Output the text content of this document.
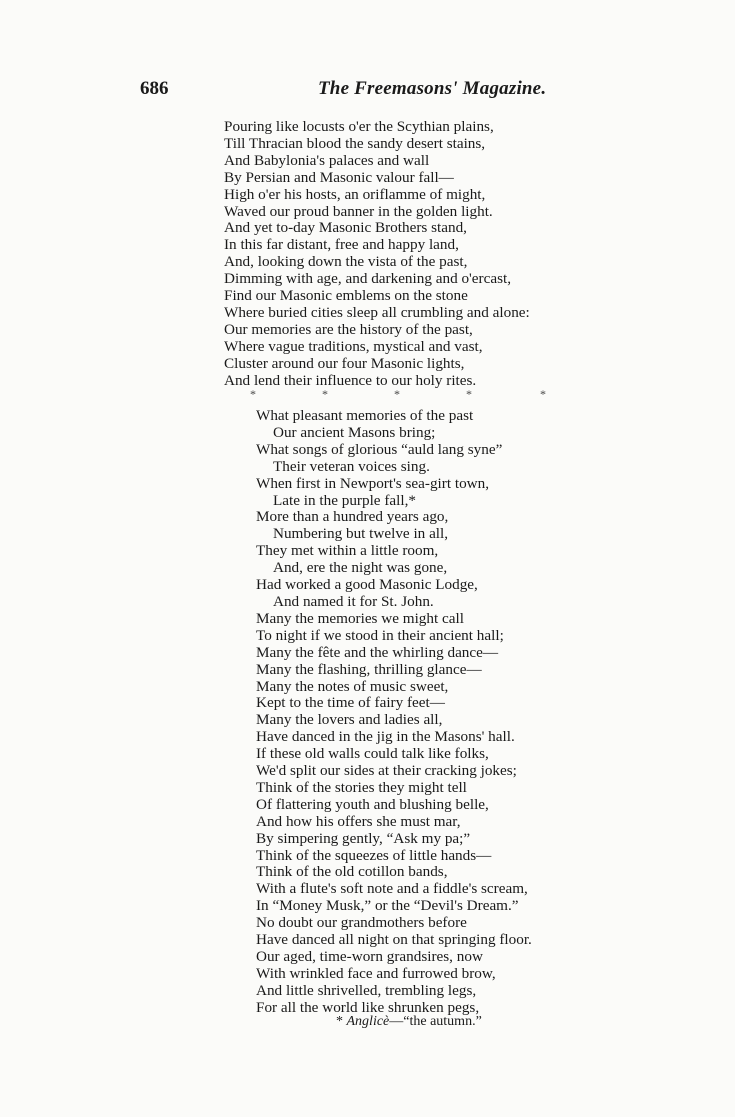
686	The Freemasons' Magazine.
Pouring like locusts o'er the Scythian plains,
Till Thracian blood the sandy desert stains,
And Babylonia's palaces and wall
By Persian and Masonic valour fall—
High o'er his hosts, an oriflamme of might,
Waved our proud banner in the golden light.
And yet to-day Masonic Brothers stand,
In this far distant, free and happy land,
And, looking down the vista of the past,
Dimming with age, and darkening and o'ercast,
Find our Masonic emblems on the stone
Where buried cities sleep all crumbling and alone:
Our memories are the history of the past,
Where vague traditions, mystical and vast,
Cluster around our four Masonic lights,
And lend their influence to our holy rites.
*	*	*	*	*
What pleasant memories of the past
Our ancient Masons bring;
What songs of glorious “auld lang syne”
Their veteran voices sing.
When first in Newport's sea-girt town,
Late in the purple fall,*
More than a hundred years ago,
Numbering but twelve in all,
They met within a little room,
And, ere the night was gone,
Had worked a good Masonic Lodge,
And named it for St. John.
Many the memories we might call
To night if we stood in their ancient hall;
Many the fête and the whirling dance—
Many the flashing, thrilling glance—
Many the notes of music sweet,
Kept to the time of fairy feet—
Many the lovers and ladies all,
Have danced in the jig in the Masons' hall.
If these old walls could talk like folks,
We'd split our sides at their cracking jokes;
Think of the stories they might tell
Of flattering youth and blushing belle,
And how his offers she must mar,
By simpering gently, “Ask my pa;”
Think of the squeezes of little hands—
Think of the old cotillon bands,
With a flute's soft note and a fiddle's scream,
In “Money Musk,” or the “Devil's Dream.”
No doubt our grandmothers before
Have danced all night on that springing floor.
Our aged, time-worn grandsires, now
With wrinkled face and furrowed brow,
And little shrivelled, trembling legs,
For all the world like shrunken pegs,
* Anglicè—“the autumn.”
